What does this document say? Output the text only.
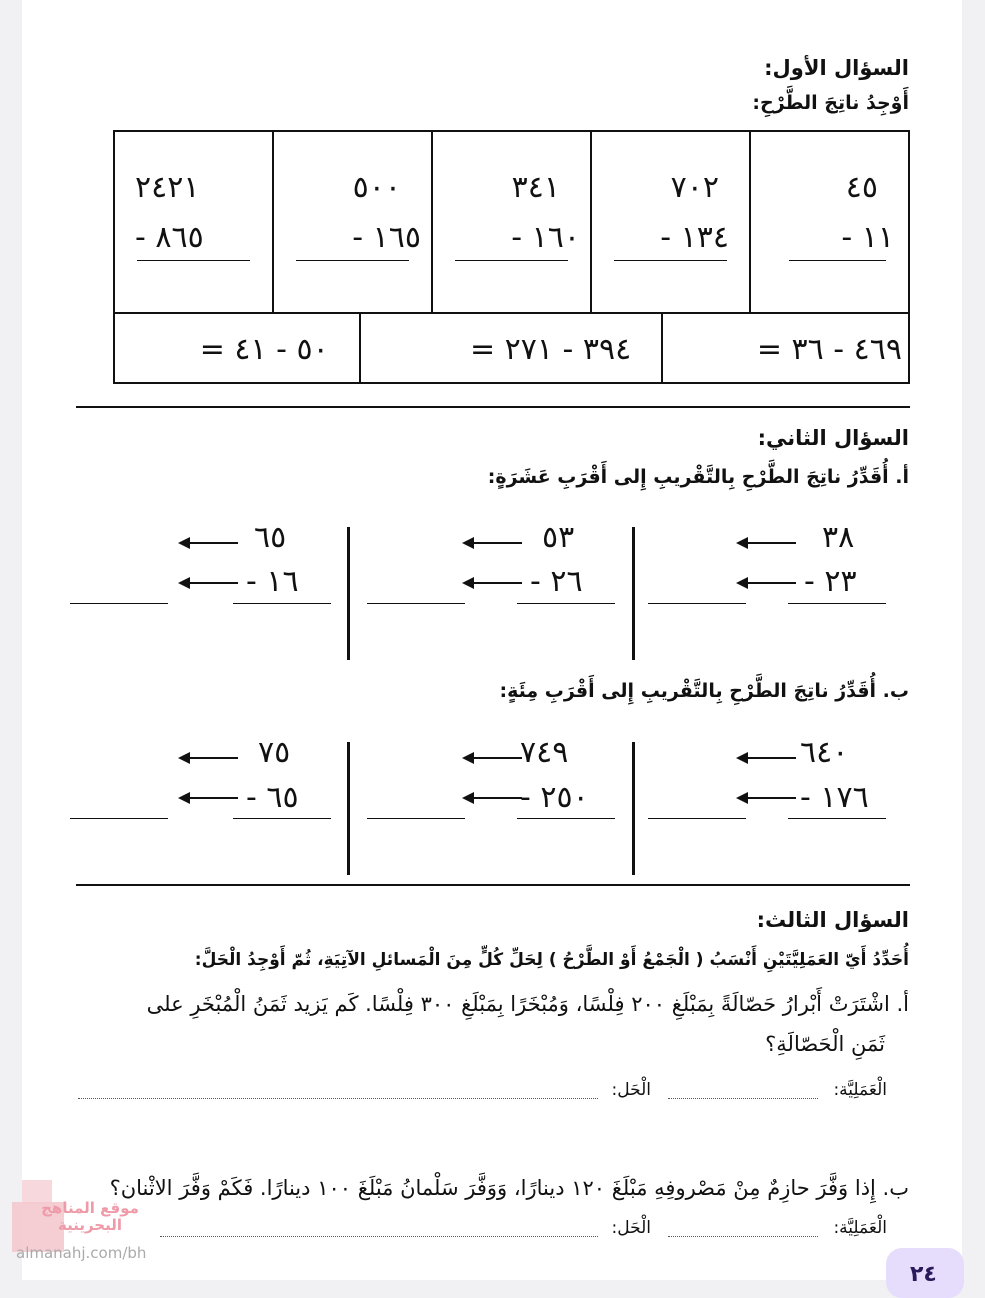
السؤال الأول:
أَوْجِدُ ناتِجَ الطَّرْحِ:
٢٤٢١
٨٦٥ -

٥٠٠
١٦٥ -

٣٤١
١٦٠ -

٧٠٢
١٣٤ -

٤٥
١١ -
٥٠ - ٤١ =	٣٩٤ - ٢٧١ =	٤٦٩ - ٣٦ =
السؤال الثاني:
أ. أُقَدِّرُ ناتِجَ الطَّرْحِ بِالتَّقْريبِ إِلى أَقْرَبِ عَشَرَةٍ:
٣٨
٢٣ -
٥٣
٢٦ -
٦٥
١٦ -
ب. أُقَدِّرُ ناتِجَ الطَّرْحِ بِالتَّقْريبِ إِلى أَقْرَبِ مِئَةٍ:
٦٤٠
١٧٦ -
٧٤٩
٢٥٠ -
٧٥
٦٥ -
السؤال الثالث:
أُحَدِّدُ أَيّ العَمَلِيَّتَيْنِ أَنْسَبُ ( الْجَمْعُ أَوْ الطَّرْحُ ) لِحَلِّ كُلٍّ مِنَ الْمَسائلِ الآتِيَةِ، ثُمّ أَوْجِدُ الْحَلَّ:
أ. اشْتَرَتْ أَبْرارُ حَصّالَةً بِمَبْلَغِ ٢٠٠ فِلْسًا، وَمُبْخَرًا بِمَبْلَغِ ٣٠٠ فِلْسًا. كَم يَزيد ثَمَنُ الْمُبْخَرِ على
ثَمَنِ الْحَصّالَةِ؟
الْعَمَلِيَّة:
الْحَل:
ب. إِذا وَفَّرَ حازِمٌ مِنْ مَصْروفِهِ مَبْلَغَ ١٢٠ دينارًا، وَوَفَّرَ سَلْمانُ مَبْلَغَ ١٠٠ دينارًا. فَكَمْ وَفَّرَ الاثْنان؟
موقع المناهج البحرينية
almanahj.com/bh
الْعَمَلِيَّة:
الْحَل:
٢٤
